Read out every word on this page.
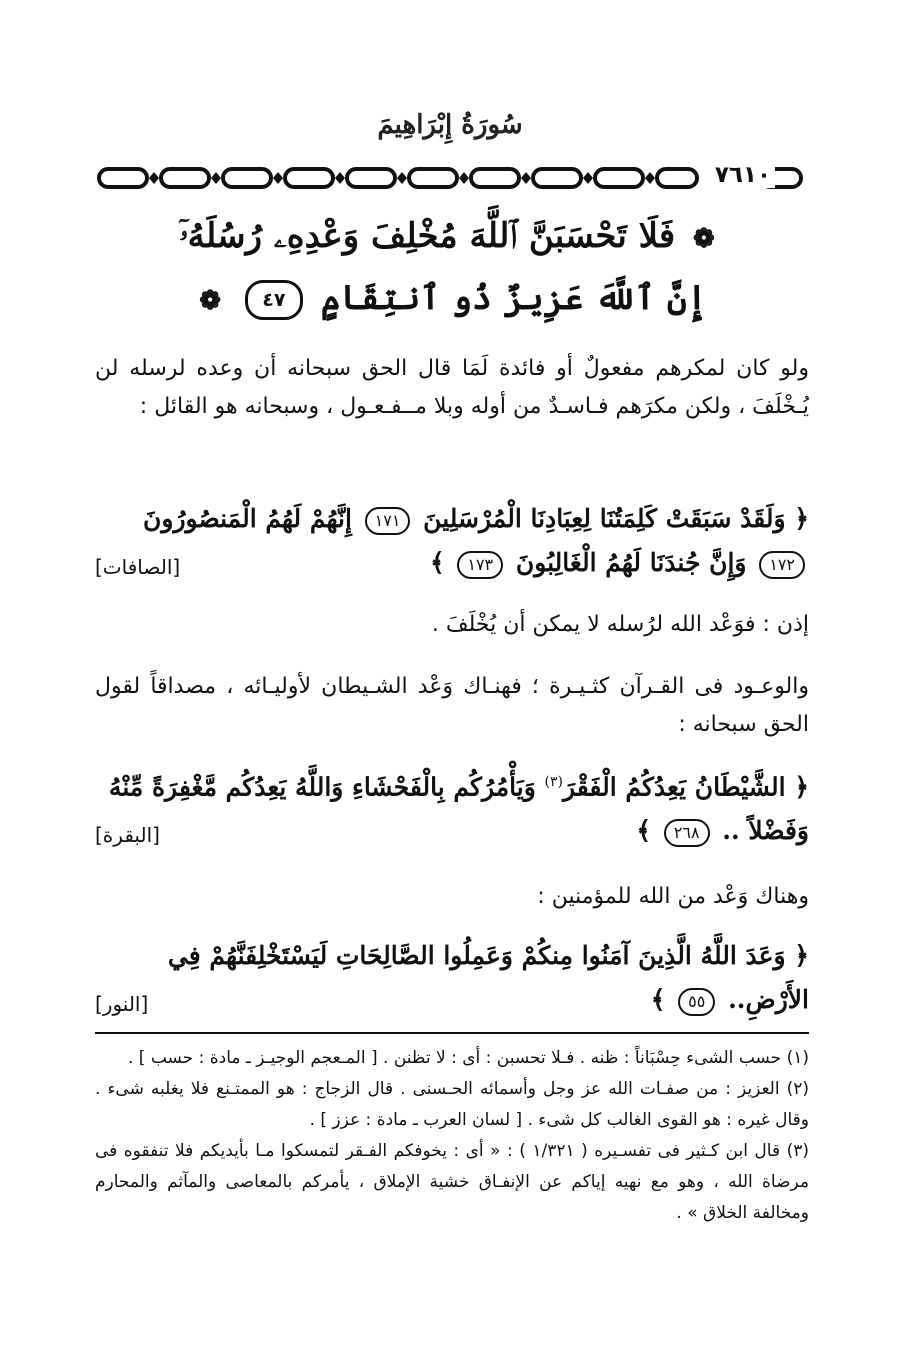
سُورَةُ إِبْرَاهِيمَ
٧٦١٠
❁ فَلَا تَحْسَبَنَّ ٱللَّهَ مُخْلِفَ وَعْدِهِۦ رُسُلَهُۥٓ
إِنَّ ٱللَّهَ عَزِيزٌ ذُو ٱنتِقَامٍ ٤٧ ❁

ولو كان لمكرهم مفعولٌ أو فائدة لَمَا قال الحق سبحانه أن وعده لرسله لن يُـخْلَفَ ، ولكن مكرَهم فـاسـدٌ من أوله وبلا مــفـعـول ، وسبحانه هو القائل :

﴿ وَلَقَدْ سَبَقَتْ كَلِمَتُنَا لِعِبَادِنَا الْمُرْسَلِينَ ١٧١ إِنَّهُمْ لَهُمُ الْمَنصُورُونَ ١٧٢ وَإِنَّ جُندَنَا لَهُمُ الْغَالِبُونَ ١٧٣ ﴾
[الصافات]

إذن : فوَعْد الله لرُسله لا يمكن أن يُخْلَفَ .

والوعـود فى القـرآن كثـيـرة ؛ فهنـاك وَعْد الشـيطان لأوليـائه ، مصداقاً لقول الحق سبحانه :

﴿ الشَّيْطَانُ يَعِدُكُمُ الْفَقْرَ$^{(٣)}$ وَيَأْمُرُكُم بِالْفَحْشَاءِ وَاللَّهُ يَعِدُكُم مَّغْفِرَةً مِّنْهُ وَفَضْلاً .. ٢٦٨ ﴾
[البقرة]

وهناك وَعْد من الله للمؤمنين :

﴿ وَعَدَ اللَّهُ الَّذِينَ آمَنُوا مِنكُمْ وَعَمِلُوا الصَّالِحَاتِ لَيَسْتَخْلِفَنَّهُمْ فِي الأَرْضِ.. ٥٥ ﴾
[النور]

(١) حسب الشىء حِسْبَاناً : ظنه . فـلا تحسبن : أى : لا تظنن . [ المـعجم الوجيـز ـ مادة : حسب ] .

(٢) العزيز : من صفـات الله عز وجل وأسمائه الحـسنى . قال الزجاج : هو الممتـنع فلا يغلبه شىء . وقال غيره : هو القوى الغالب كل شىء . [ لسان العرب ـ مادة : عزز ] .

(٣) قال ابن كـثير فى تفسـيره ( ١/٣٢١ ) : « أى : يخوفكم الفـقر لتمسكوا مـا بأيديكم فلا تنفقوه فى مرضاة الله ، وهو مع نهيه إياكم عن الإنفـاق خشية الإملاق ، يأمركم بالمعاصى والمآثم والمحارم ومخالفة الخلاق » .
